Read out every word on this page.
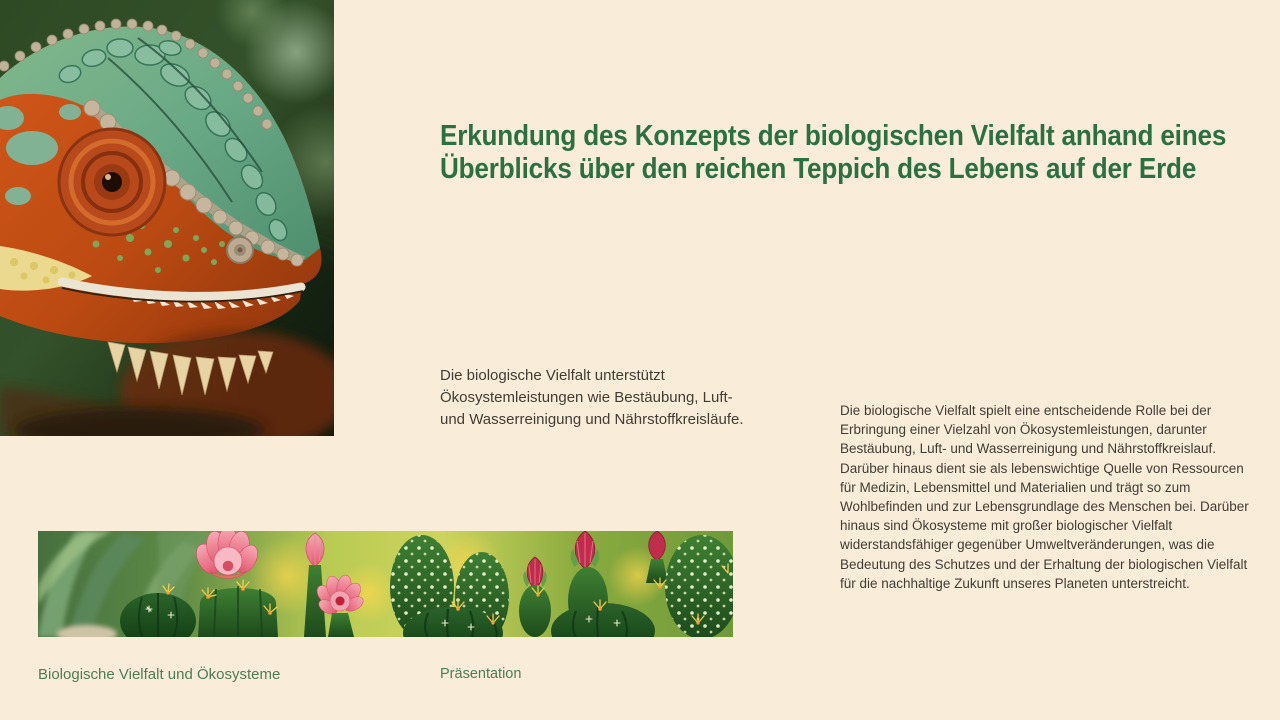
Erkundung des Konzepts der biologischen Vielfalt anhand eines Überblicks über den reichen Teppich des Lebens auf der Erde

Die biologische Vielfalt unterstützt Ökosystemleistungen wie Bestäubung, Luft- und Wasserreinigung und Nährstoffkreisläufe.

Die biologische Vielfalt spielt eine entscheidende Rolle bei der Erbringung einer Vielzahl von Ökosystemleistungen, darunter Bestäubung, Luft- und Wasserreinigung und Nährstoffkreislauf. Darüber hinaus dient sie als lebenswichtige Quelle von Ressourcen für Medizin, Lebensmittel und Materialien und trägt so zum Wohlbefinden und zur Lebensgrundlage des Menschen bei. Darüber hinaus sind Ökosysteme mit großer biologischer Vielfalt widerstandsfähiger gegenüber Umweltveränderungen, was die Bedeutung des Schutzes und der Erhaltung der biologischen Vielfalt für die nachhaltige Zukunft unseres Planeten unterstreicht.

Biologische Vielfalt und Ökosysteme	Präsentation
